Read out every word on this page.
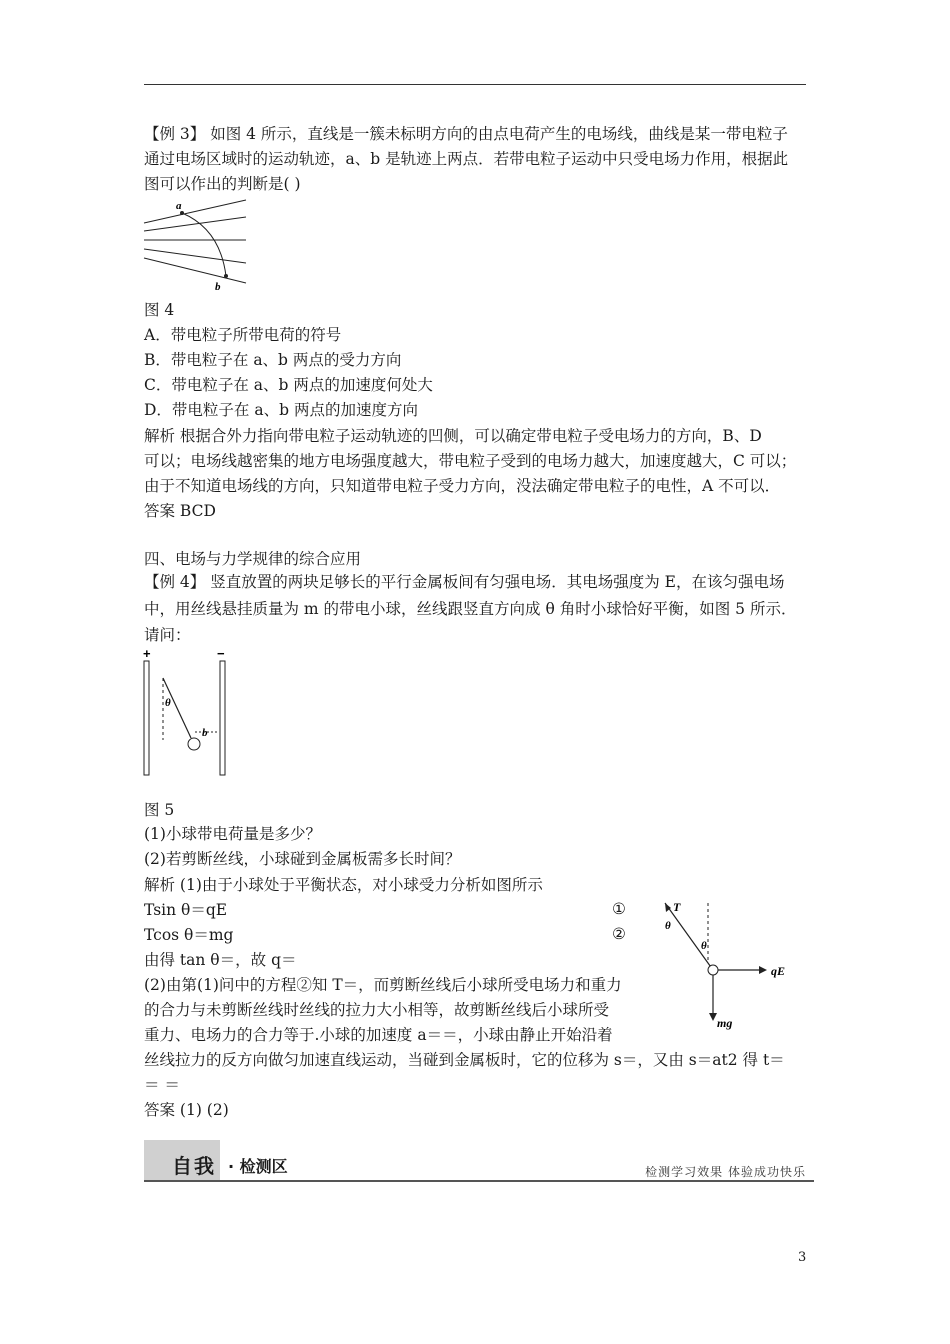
【例 3】 如图 4 所示，直线是一簇未标明方向的由点电荷产生的电场线，曲线是某一带电粒子
通过电场区域时的运动轨迹，a、b 是轨迹上两点．若带电粒子运动中只受电场力作用，根据此
图可以作出的判断是( )
a
b
图 4
A．带电粒子所带电荷的符号
B．带电粒子在 a、b 两点的受力方向
C．带电粒子在 a、b 两点的加速度何处大
D．带电粒子在 a、b 两点的加速度方向
解析 根据合外力指向带电粒子运动轨迹的凹侧，可以确定带电粒子受电场力的方向，B、D
可以；电场线越密集的地方电场强度越大，带电粒子受到的电场力越大，加速度越大，C 可以；
由于不知道电场线的方向，只知道带电粒子受力方向，没法确定带电粒子的电性，A 不可以．
答案 BCD
四、电场与力学规律的综合应用
【例 4】 竖直放置的两块足够长的平行金属板间有匀强电场．其电场强度为 E，在该匀强电场
中，用丝线悬挂质量为 m 的带电小球，丝线跟竖直方向成 θ 角时小球恰好平衡，如图 5 所示．
请问：
+	−
θ
b
图 5
(1)小球带电荷量是多少？
(2)若剪断丝线，小球碰到金属板需多长时间？
解析 (1)由于小球处于平衡状态，对小球受力分析如图所示
Tsin θ＝qE
Tcos θ＝mg
①
②
由得 tan θ＝，故 q＝
(2)由第(1)问中的方程②知 T＝，而剪断丝线后小球所受电场力和重力
的合力与未剪断丝线时丝线的拉力大小相等，故剪断丝线后小球所受
重力、电场力的合力等于.小球的加速度 a＝＝，小球由静止开始沿着
丝线拉力的反方向做匀加速直线运动，当碰到金属板时，它的位移为 s＝，又由 s＝at2 得 t＝
＝ ＝
答案 (1) (2)
T
θ
θ
qE
mg
自我 · 检测区	检测学习效果 体验成功快乐
3
